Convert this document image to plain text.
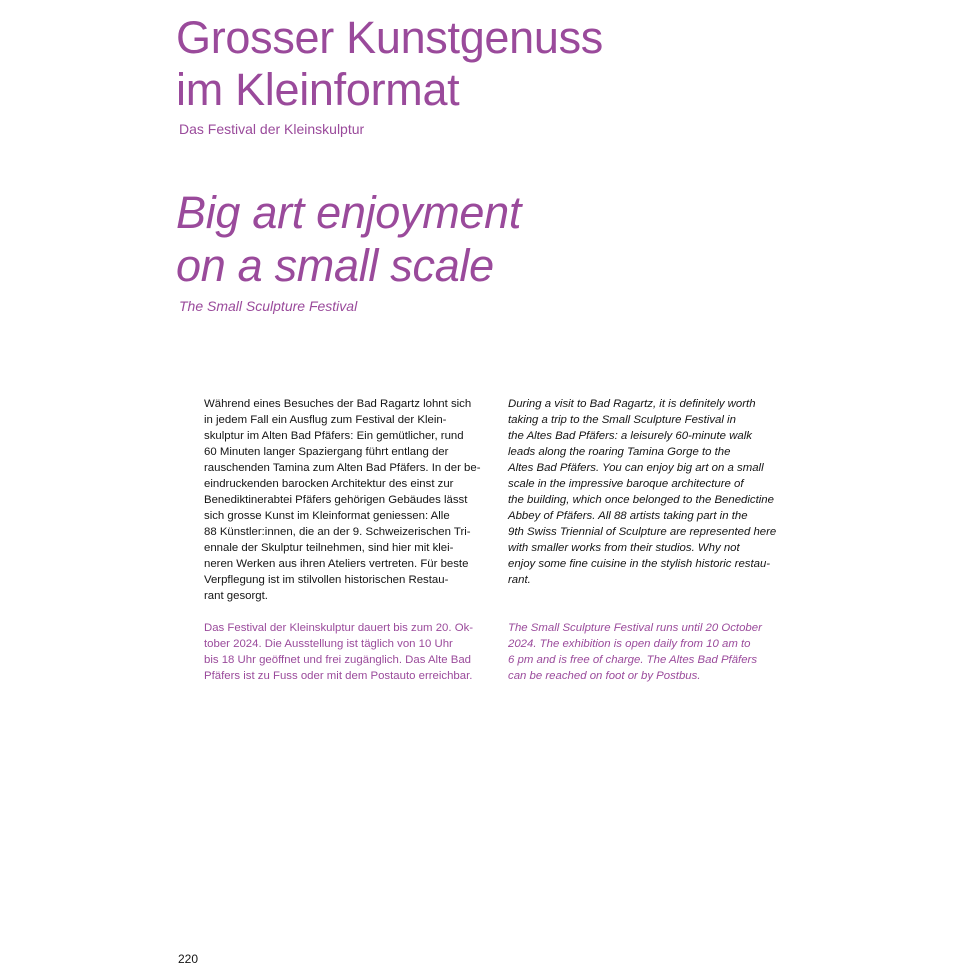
Grosser Kunstgenuss
im Kleinformat

Das Festival der Kleinskulptur

Big art enjoyment
on a small scale

The Small Sculpture Festival

Während eines Besuches der Bad Ragartz lohnt sich
in jedem Fall ein Ausflug zum Festival der Klein-
skulptur im Alten Bad Pfäfers: Ein gemütlicher, rund
60 Minuten langer Spaziergang führt entlang der
rauschenden Tamina zum Alten Bad Pfäfers. In der be-
eindruckenden barocken Architektur des einst zur
Benediktinerabtei Pfäfers gehörigen Gebäudes lässt
sich grosse Kunst im Kleinformat geniessen: Alle
88 Künstler:innen, die an der 9. Schweizerischen Tri-
ennale der Skulptur teilnehmen, sind hier mit klei-
neren Werken aus ihren Ateliers vertreten. Für beste
Verpflegung ist im stilvollen historischen Restau-
rant gesorgt.

Das Festival der Kleinskulptur dauert bis zum 20. Ok-
tober 2024. Die Ausstellung ist täglich von 10 Uhr
bis 18 Uhr geöffnet und frei zugänglich. Das Alte Bad
Pfäfers ist zu Fuss oder mit dem Postauto erreichbar.

During a visit to Bad Ragartz, it is definitely worth
taking a trip to the Small Sculpture Festival in
the Altes Bad Pfäfers: a leisurely 60-minute walk
leads along the roaring Tamina Gorge to the
Altes Bad Pfäfers. You can enjoy big art on a small
scale in the impressive baroque architecture of
the building, which once belonged to the Benedictine
Abbey of Pfäfers. All 88 artists taking part in the
9th Swiss Triennial of Sculpture are represented here
with smaller works from their studios. Why not
enjoy some fine cuisine in the stylish historic restau-
rant.

The Small Sculpture Festival runs until 20 October
2024. The exhibition is open daily from 10 am to
6 pm and is free of charge. The Altes Bad Pfäfers
can be reached on foot or by Postbus.

220
